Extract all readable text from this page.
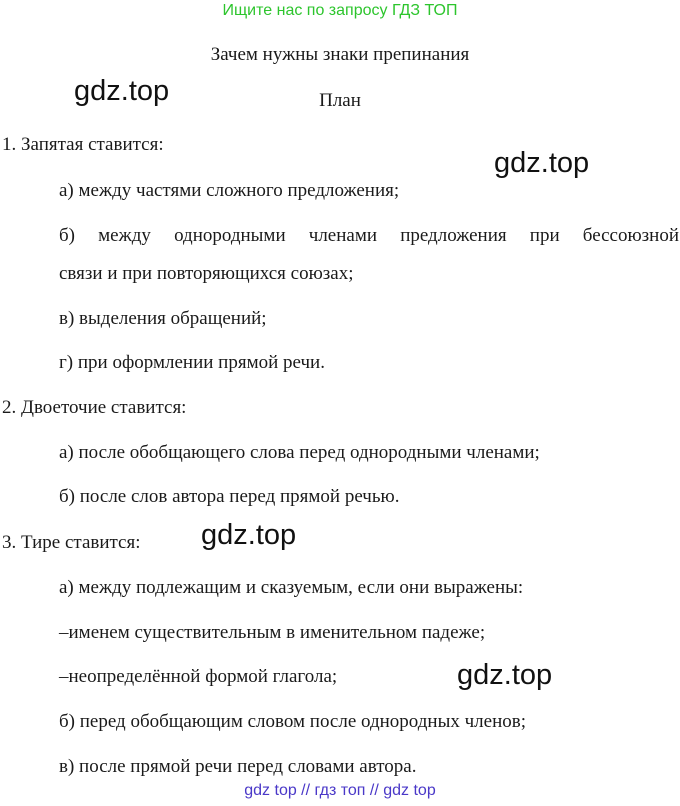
Ищите нас по запросу ГДЗ ТОП
Зачем нужны знаки препинания
gdz.top	План
1. Запятая ставится:
gdz.top
а) между частями сложного предложения;
б) между однородными членами предложения при бессоюзной
связи и при повторяющихся союзах;
в) выделения обращений;
г) при оформлении прямой речи.
2. Двоеточие ставится:
а) после обобщающего слова перед однородными членами;
б) после слов автора перед прямой речью.
3. Тире ставится: gdz.top
а) между подлежащим и сказуемым, если они выражены:
–именем существительным в именительном падеже;
–неопределённой формой глагола;	gdz.top
б) перед обобщающим словом после однородных членов;
в) после прямой речи перед словами автора.
gdz top // гдз топ // gdz top
